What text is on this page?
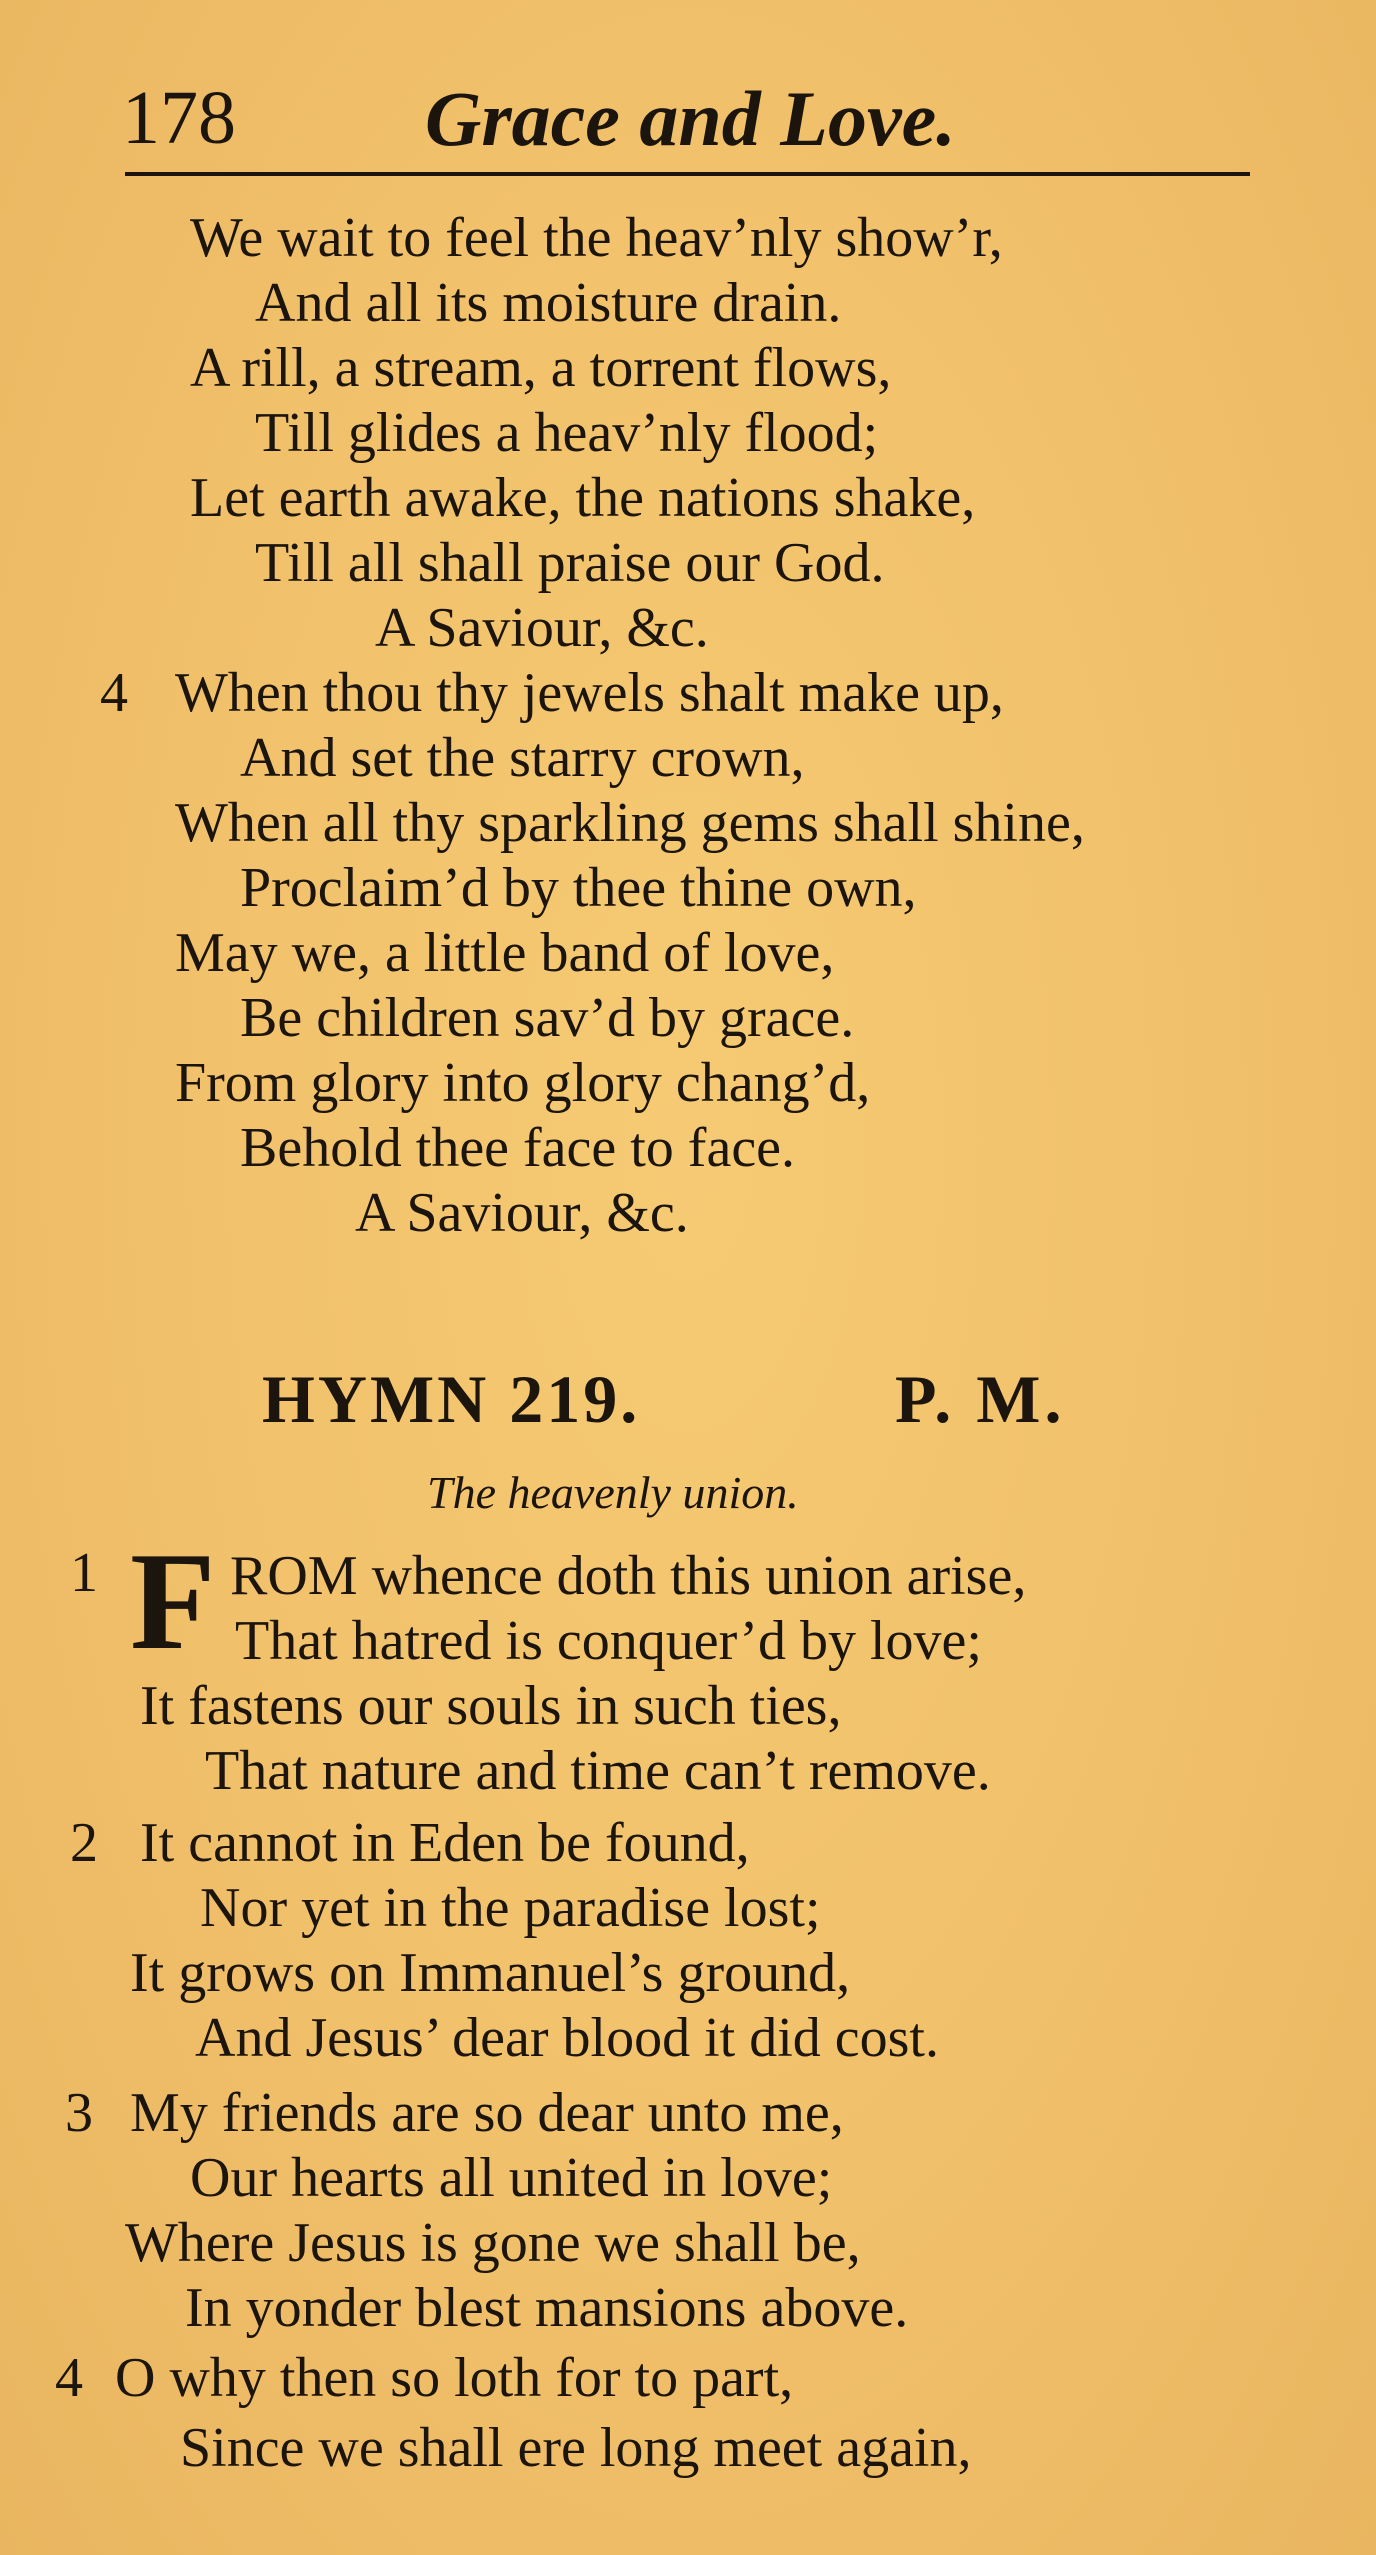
178 Grace and Love.
We wait to feel the heav’nly show’r,
And all its moisture drain.
A rill, a stream, a torrent flows,
Till glides a heav’nly flood;
Let earth awake, the nations shake,
Till all shall praise our God.
A Saviour, &c.
4 When thou thy jewels shalt make up,
And set the starry crown,
When all thy sparkling gems shall shine,
Proclaim’d by thee thine own,
May we, a little band of love,
Be children sav’d by grace.
From glory into glory chang’d,
Behold thee face to face.
A Saviour, &c.
HYMN 219.	P. M.
The heavenly union.
1 F ROM whence doth this union arise,
That hatred is conquer’d by love;
It fastens our souls in such ties,
That nature and time can’t remove.
2 It cannot in Eden be found,
Nor yet in the paradise lost;
It grows on Immanuel’s ground,
And Jesus’ dear blood it did cost.
3 My friends are so dear unto me,
Our hearts all united in love;
Where Jesus is gone we shall be,
In yonder blest mansions above.
4 O why then so loth for to part,
Since we shall ere long meet again,
